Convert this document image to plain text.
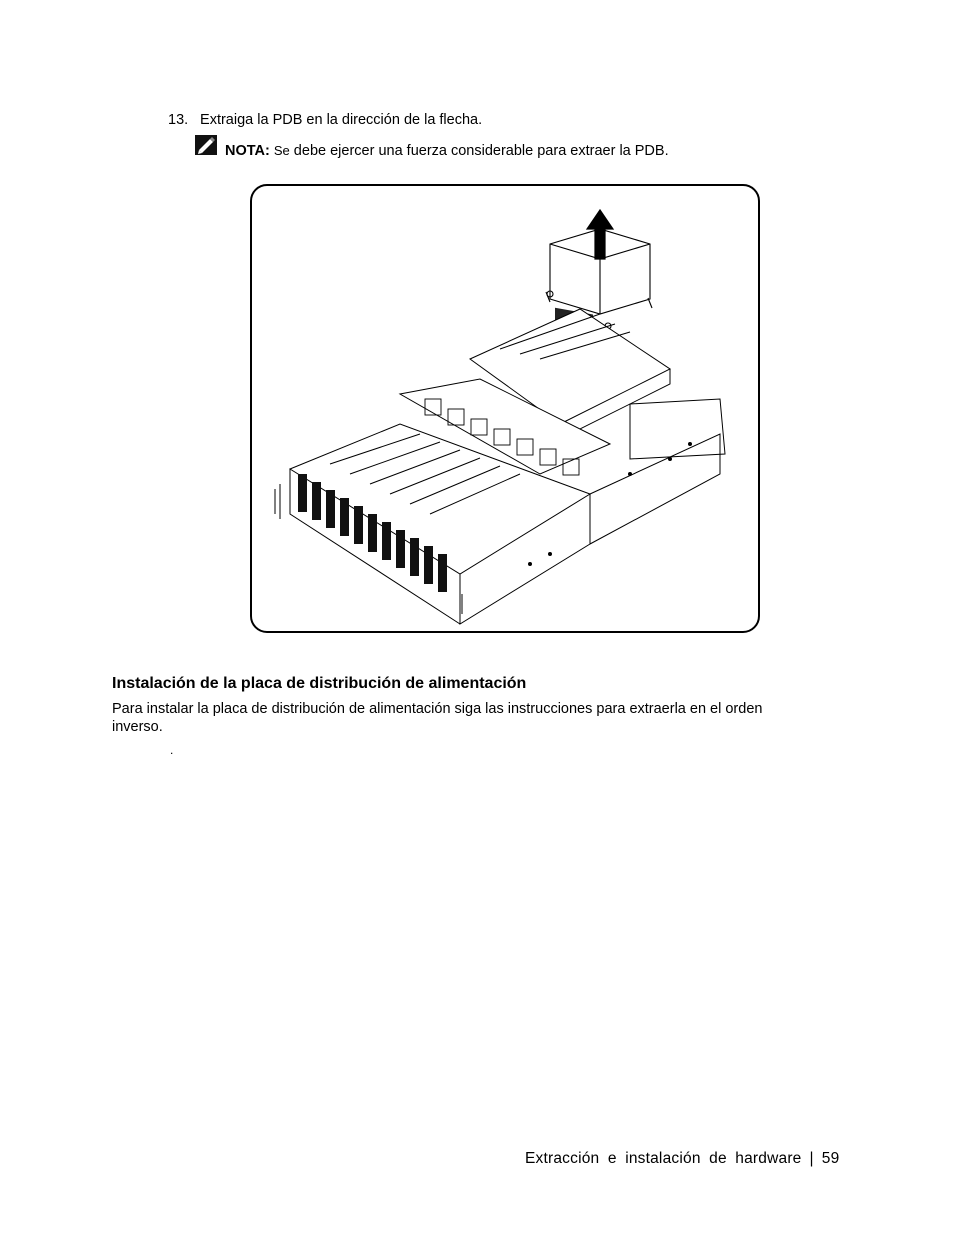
13. Extraiga la PDB en la dirección de la flecha.
NOTA: Se debe ejercer una fuerza considerable para extraer la PDB.
Instalación de la placa de distribución de alimentación
Para instalar la placa de distribución de alimentación siga las instrucciones para extraerla en el orden inverso.
.
Extracción e instalación de hardware | 59
